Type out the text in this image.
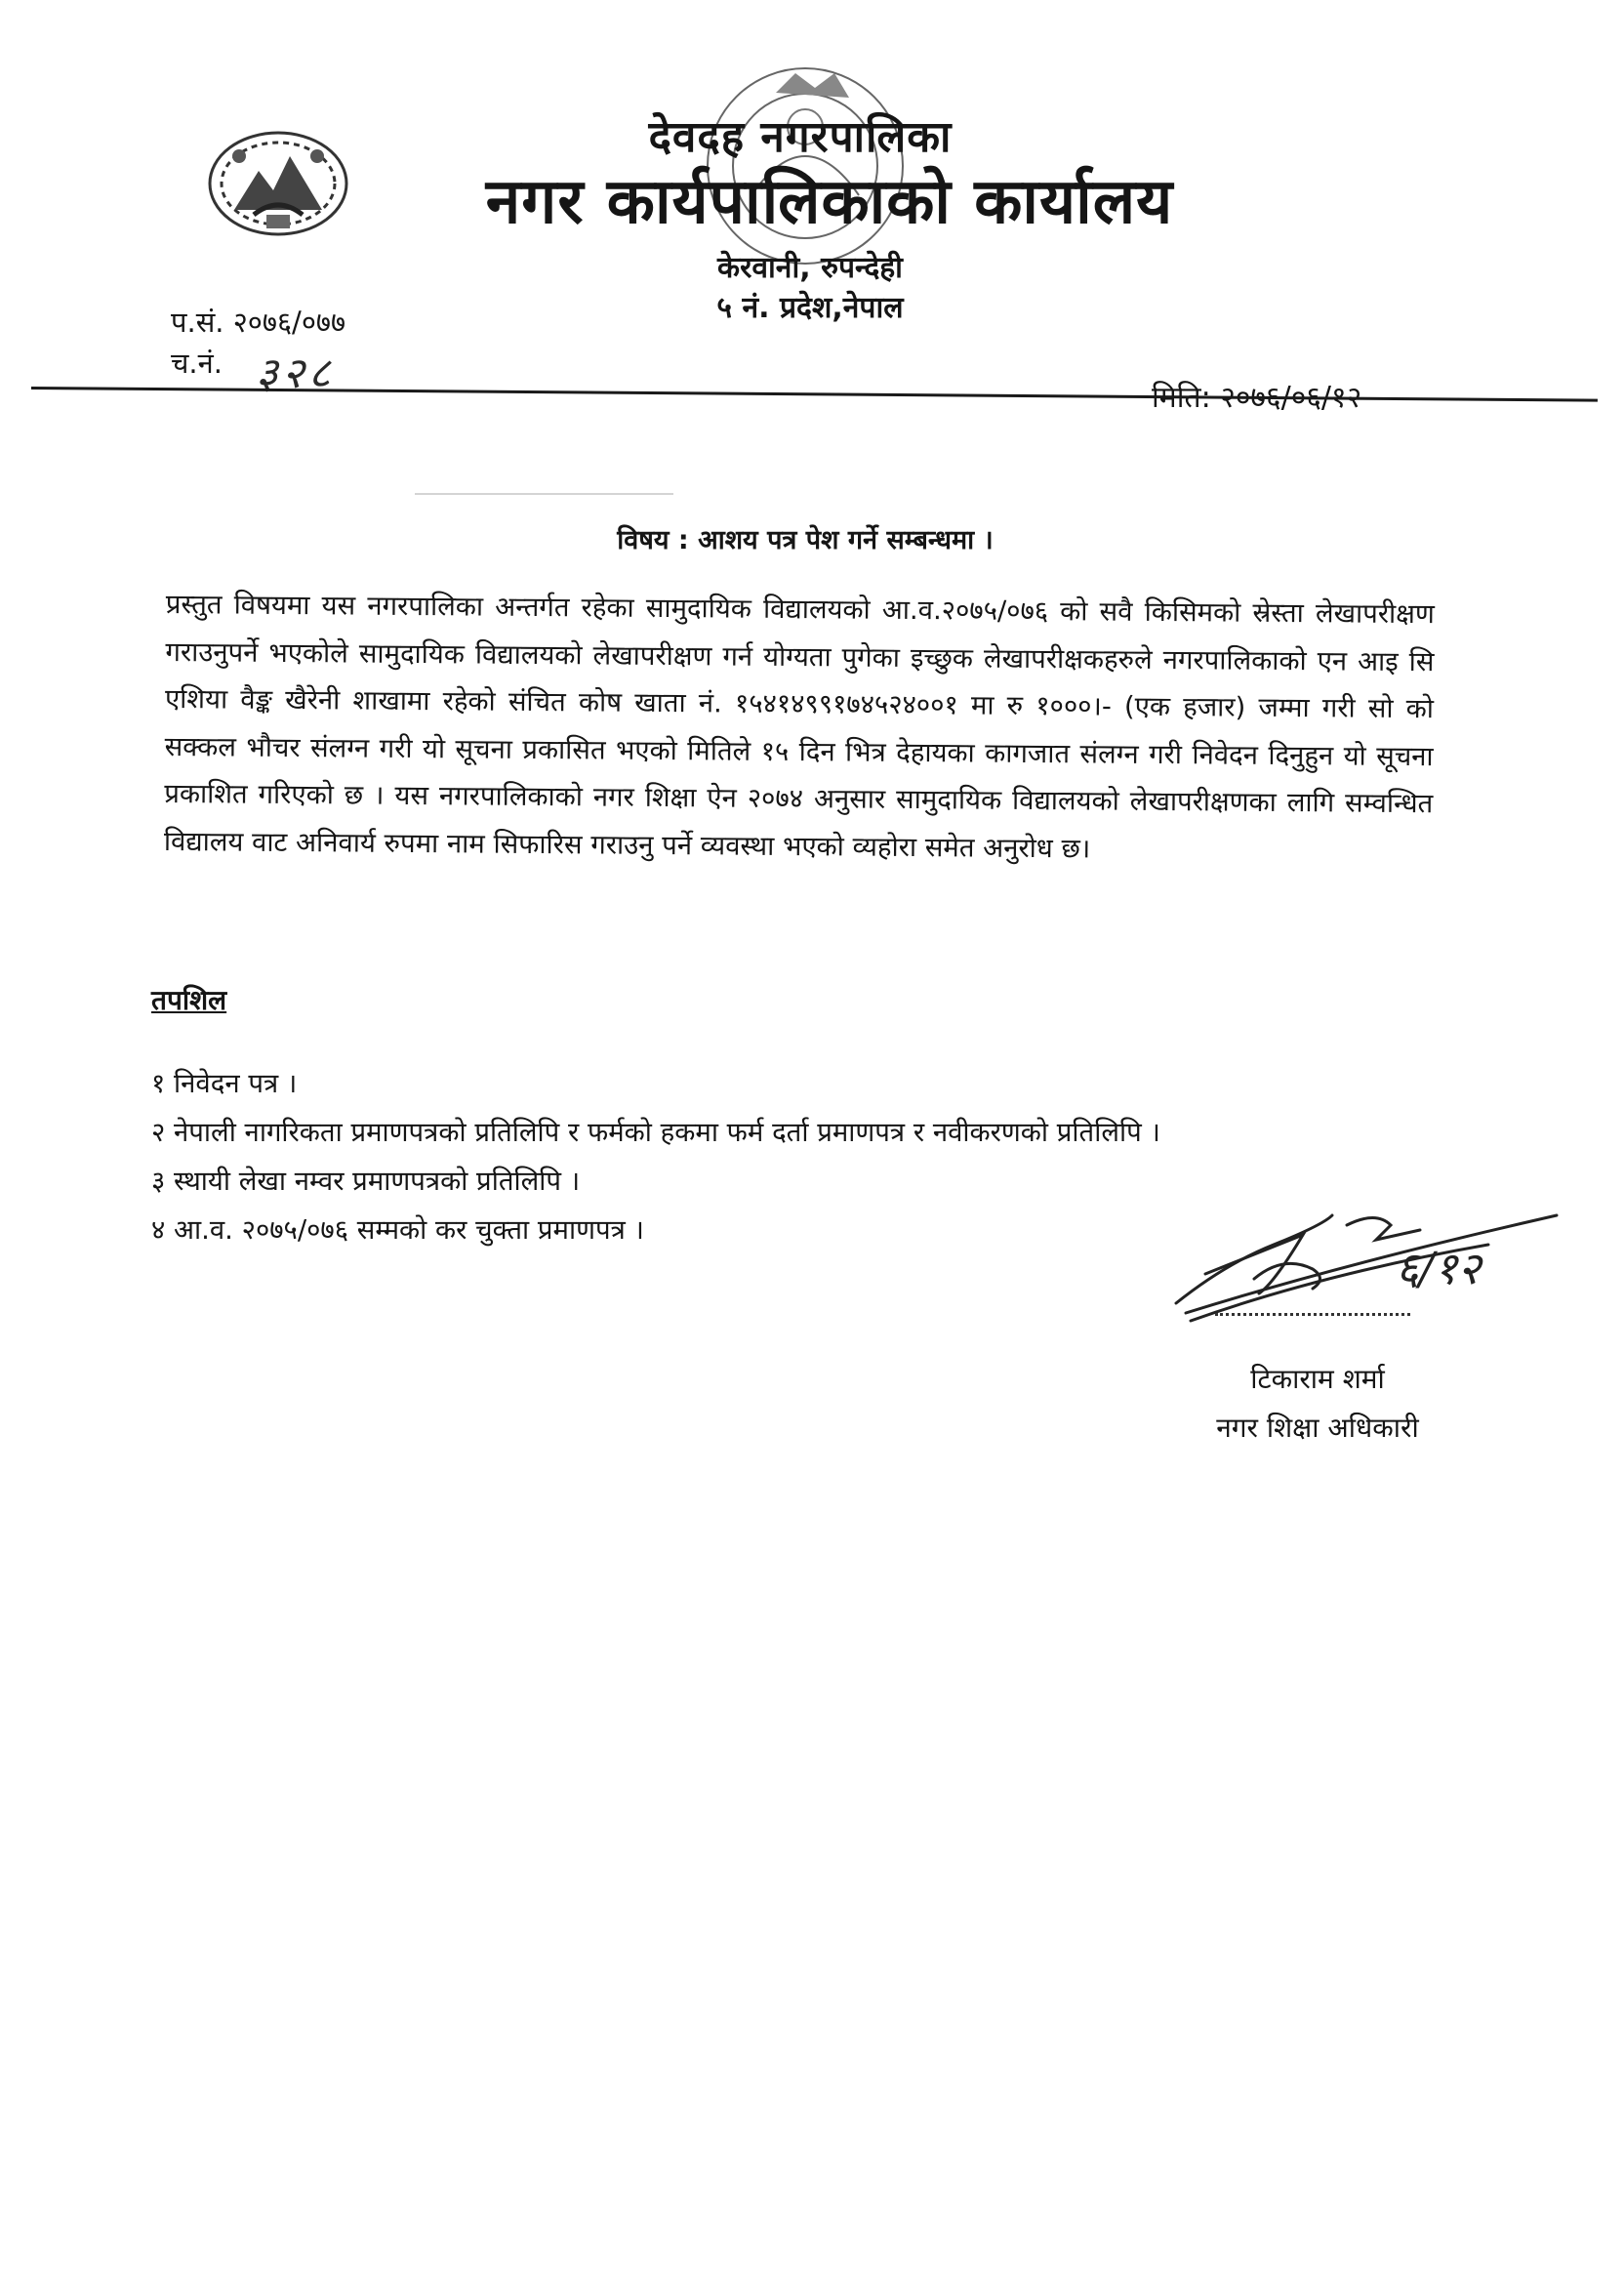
देवदह नगरपालिका
नगर कार्यपालिकाको कार्यालय
केरवानी, रुपन्देही
५ नं. प्रदेश,नेपाल
प.सं. २०७६/०७७
च.नं. ३२८	मिति: २०७६/०६/१२
विषय : आशय पत्र पेश गर्ने सम्बन्धमा ।
प्रस्तुत विषयमा यस नगरपालिका अन्तर्गत रहेका सामुदायिक विद्यालयको आ.व.२०७५/०७६ को सवै किसिमको स्रेस्ता लेखापरीक्षण गराउनुपर्ने भएकोले सामुदायिक विद्यालयको लेखापरीक्षण गर्न योग्यता पुगेका इच्छुक लेखापरीक्षकहरुले नगरपालिकाको एन आइ सि एशिया वैङ्क खैरेनी शाखामा रहेको संचित कोष खाता नं. १५४१४९९१७४५२४००१ मा रु १०००।- (एक हजार) जम्मा गरी सो को सक्कल भौचर संलग्न गरी यो सूचना प्रकासित भएको मितिले १५ दिन भित्र देहायका कागजात संलग्न गरी निवेदन दिनुहुन यो सूचना प्रकाशित गरिएको छ । यस नगरपालिकाको नगर शिक्षा ऐन २०७४ अनुसार सामुदायिक विद्यालयको लेखापरीक्षणका लागि सम्वन्धित विद्यालय वाट अनिवार्य रुपमा नाम सिफारिस गराउनु पर्ने व्यवस्था भएको व्यहोरा समेत अनुरोध छ।
तपशिल
१ निवेदन पत्र ।
२ नेपाली नागरिकता प्रमाणपत्रको प्रतिलिपि र फर्मको हकमा फर्म दर्ता प्रमाणपत्र र नवीकरणको प्रतिलिपि ।
३ स्थायी लेखा नम्वर प्रमाणपत्रको प्रतिलिपि ।
४ आ.व. २०७५/०७६ सम्मको कर चुक्ता प्रमाणपत्र ।
६/१२
टिकाराम शर्मा
नगर शिक्षा अधिकारी
